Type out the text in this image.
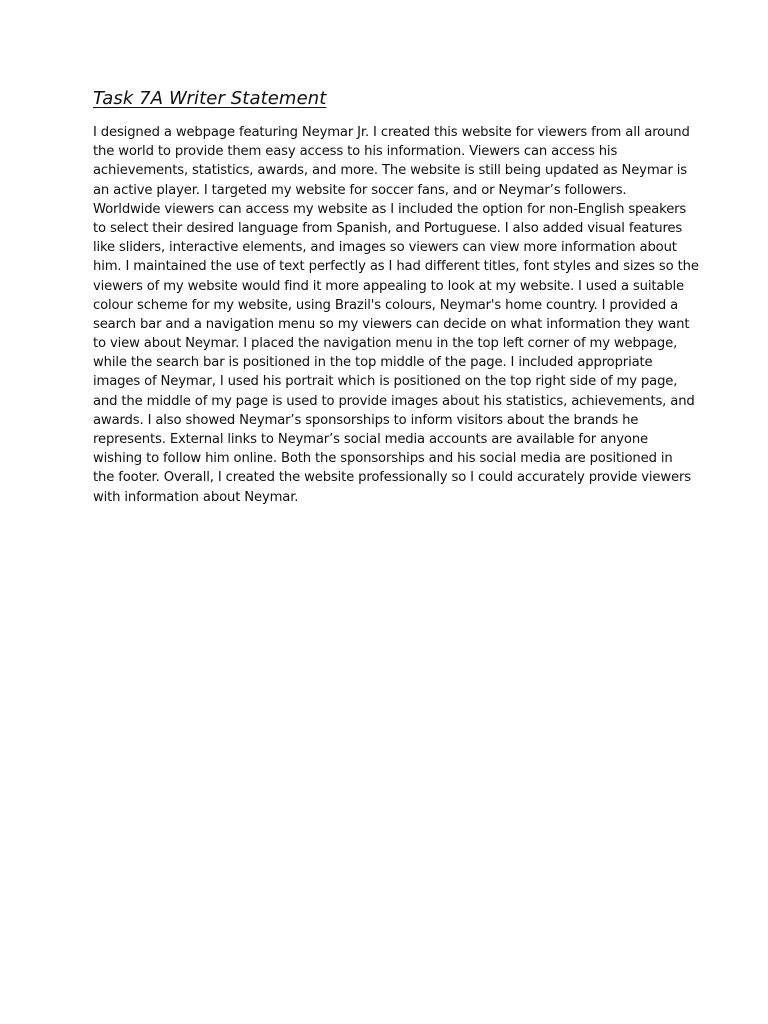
Task 7A Writer Statement
I designed a webpage featuring Neymar Jr. I created this website for viewers from all around
the world to provide them easy access to his information. Viewers can access his
achievements, statistics, awards, and more. The website is still being updated as Neymar is
an active player. I targeted my website for soccer fans, and or Neymar’s followers.
Worldwide viewers can access my website as I included the option for non-English speakers
to select their desired language from Spanish, and Portuguese. I also added visual features
like sliders, interactive elements, and images so viewers can view more information about
him. I maintained the use of text perfectly as I had different titles, font styles and sizes so the
viewers of my website would find it more appealing to look at my website. I used a suitable
colour scheme for my website, using Brazil's colours, Neymar's home country. I provided a
search bar and a navigation menu so my viewers can decide on what information they want
to view about Neymar. I placed the navigation menu in the top left corner of my webpage,
while the search bar is positioned in the top middle of the page. I included appropriate
images of Neymar, I used his portrait which is positioned on the top right side of my page,
and the middle of my page is used to provide images about his statistics, achievements, and
awards. I also showed Neymar’s sponsorships to inform visitors about the brands he
represents. External links to Neymar’s social media accounts are available for anyone
wishing to follow him online. Both the sponsorships and his social media are positioned in
the footer. Overall, I created the website professionally so I could accurately provide viewers
with information about Neymar.
